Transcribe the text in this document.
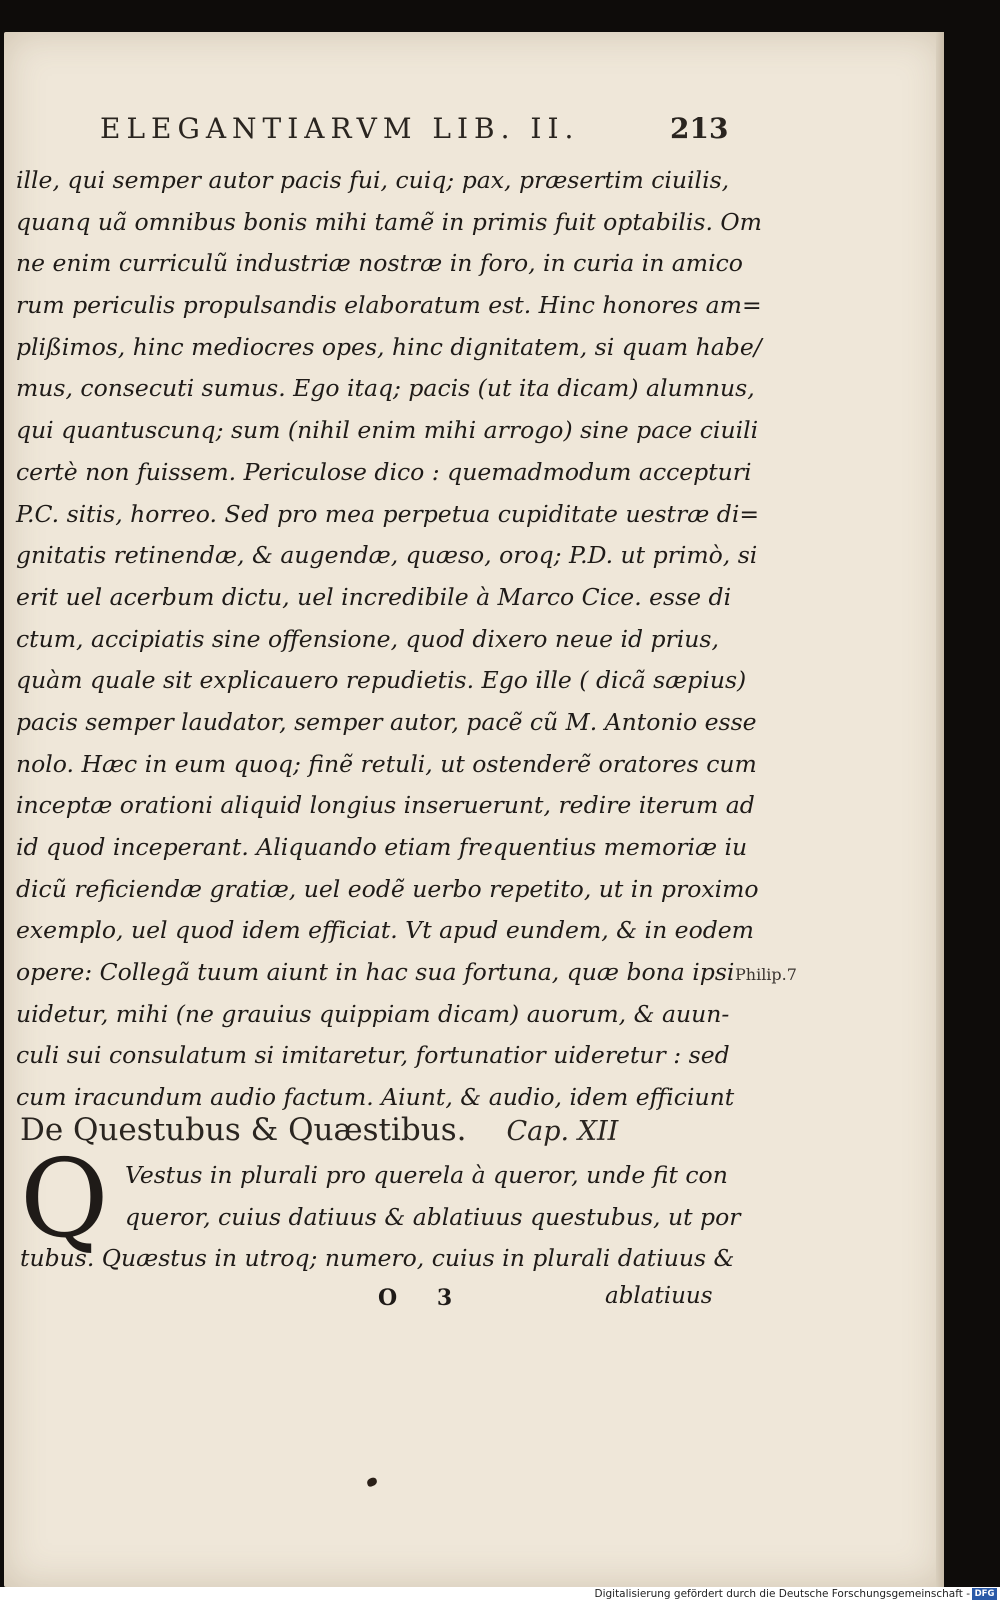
ELEGANTIARVM LIB. II.	213
ille, qui semper autor pacis fui, cuiq; pax, præsertim ciuilis,
quanq uã omnibus bonis mihi tamẽ in primis fuit optabilis. Om
ne enim curriculũ industriæ nostræ in foro, in curia in amico
rum periculis propulsandis elaboratum est. Hinc honores am=
plißimos, hinc mediocres opes, hinc dignitatem, si quam habe/
mus, consecuti sumus. Ego itaq; pacis (ut ita dicam) alumnus,
qui quantuscunq; sum (nihil enim mihi arrogo) sine pace ciuili
certè non fuissem. Periculose dico : quemadmodum accepturi
P.C. sitis, horreo. Sed pro mea perpetua cupiditate uestræ di=
gnitatis retinendæ, & augendæ, quæso, oroq; P.D. ut primò, si
erit uel acerbum dictu, uel incredibile à Marco Cice. esse di
ctum, accipiatis sine offensione, quod dixero neue id prius,
quàm quale sit explicauero repudietis. Ego ille ( dicã sæpius)
pacis semper laudator, semper autor, pacẽ cũ M. Antonio esse
nolo. Hæc in eum quoq; finẽ retuli, ut ostenderẽ oratores cum
inceptæ orationi aliquid longius inseruerunt, redire iterum ad
id quod inceperant. Aliquando etiam frequentius memoriæ iu
dicũ reficiendæ gratiæ, uel eodẽ uerbo repetito, ut in proximo
exemplo, uel quod idem efficiat. Vt apud eundem, & in eodem
opere: Collegã tuum aiunt in hac sua fortuna, quæ bona ipsi
uidetur, mihi (ne grauius quippiam dicam) auorum, & auun-
culi sui consulatum si imitaretur, fortunatior uideretur : sed
cum iracundum audio factum. Aiunt, & audio, idem efficiunt
Philip.7
De Questubus & Quæstibus. Cap. XII
Q Vestus in plurali pro querela à queror, unde fit con
queror, cuius datiuus & ablatiuus questubus, ut por
tubus. Quæstus in utroq; numero, cuius in plurali datiuus &
O 3	ablatiuus
Digitalisierung gefördert durch die Deutsche Forschungsgemeinschaft - DFG
